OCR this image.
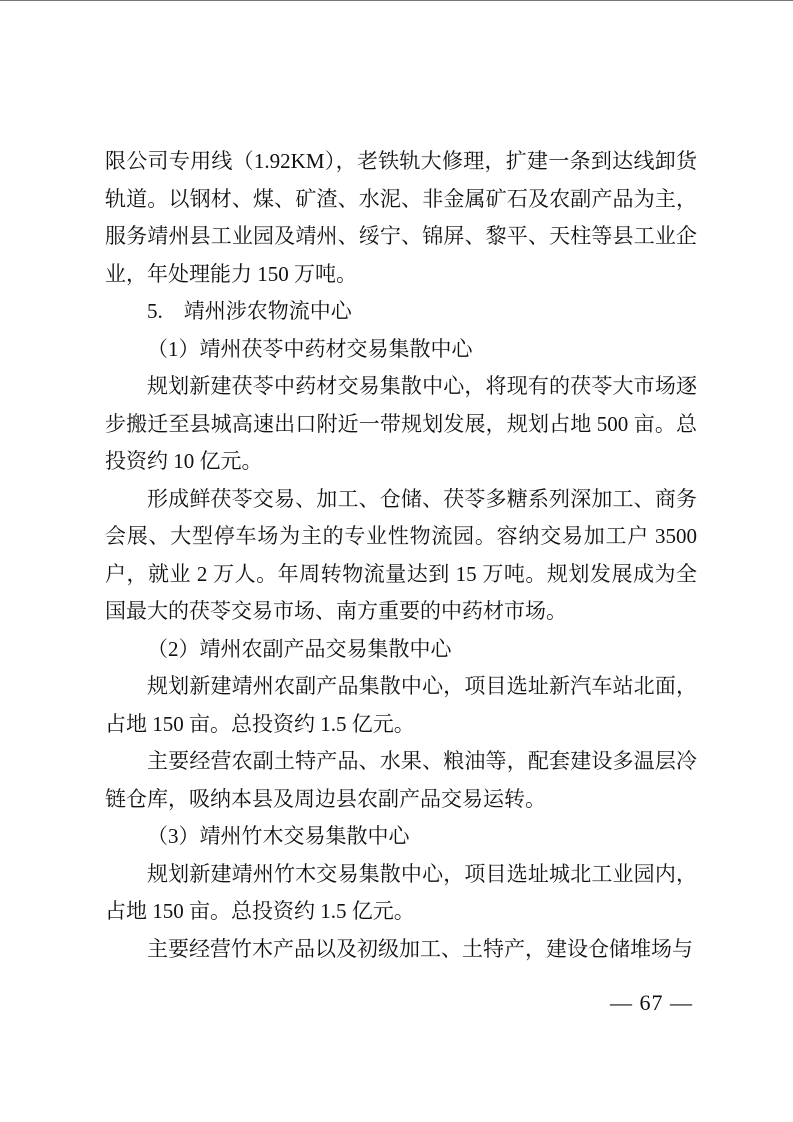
限公司专用线（1.92KM），老铁轨大修理，扩建一条到达线卸货轨道。以钢材、煤、矿渣、水泥、非金属矿石及农副产品为主，服务靖州县工业园及靖州、绥宁、锦屏、黎平、天柱等县工业企业，年处理能力 150 万吨。

5.　靖州涉农物流中心

（1）靖州茯苓中药材交易集散中心

规划新建茯苓中药材交易集散中心，将现有的茯苓大市场逐步搬迁至县城高速出口附近一带规划发展，规划占地 500 亩。总投资约 10 亿元。

形成鲜茯苓交易、加工、仓储、茯苓多糖系列深加工、商务会展、大型停车场为主的专业性物流园。容纳交易加工户 3500 户，就业 2 万人。年周转物流量达到 15 万吨。规划发展成为全国最大的茯苓交易市场、南方重要的中药材市场。

（2）靖州农副产品交易集散中心

规划新建靖州农副产品集散中心，项目选址新汽车站北面，占地 150 亩。总投资约 1.5 亿元。

主要经营农副土特产品、水果、粮油等，配套建设多温层冷链仓库，吸纳本县及周边县农副产品交易运转。

（3）靖州竹木交易集散中心

规划新建靖州竹木交易集散中心，项目选址城北工业园内，占地 150 亩。总投资约 1.5 亿元。

主要经营竹木产品以及初级加工、土特产，建设仓储堆场与

— 67 —
